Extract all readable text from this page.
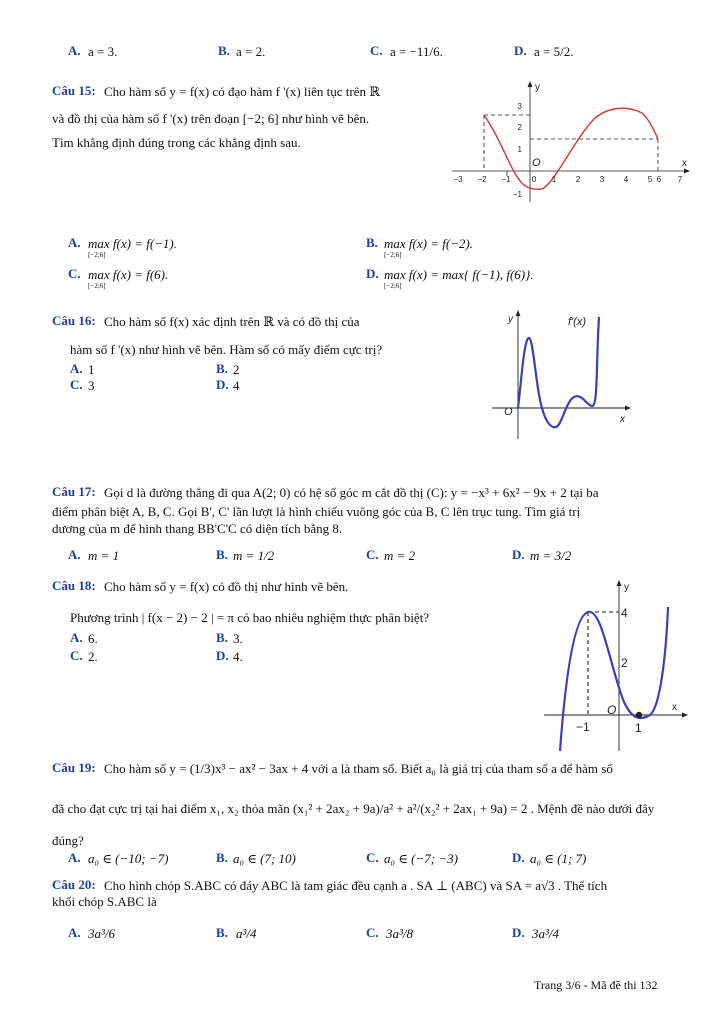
A. a = 3.	B. a = 2.	C. a = −11/6.	D. a = 5/2.
Câu 15: Cho hàm số y = f(x) có đạo hàm f '(x) liên tục trên ℝ
và đồ thị của hàm số f '(x) trên đoạn [−2; 6] như hình vẽ bên.
Tìm khẳng định đúng trong các khẳng định sau.
−3 −2 −1	0 1 2 3 4 5 6 7
3
2
1
−1
x
y
O
A. max f(x) = f(−1).
[−2;6]
B. max f(x) = f(−2).
[−2;6]
C. max f(x) = f(6).
[−2;6]
D. max f(x) = max{ f(−1), f(6)}.
[−2;6]
Câu 16: Cho hàm số f(x) xác định trên ℝ và có đồ thị của
hàm số f '(x) như hình vẽ bên. Hàm số có mấy điểm cực trị?
A. 1	B. 2
C. 3	D. 4
f'(x)
x
y
O
Câu 17: Gọi d là đường thẳng đi qua A(2; 0) có hệ số góc m cắt đồ thị (C): y = −x³ + 6x² − 9x + 2 tại ba
điểm phân biệt A, B, C. Gọi B', C' lần lượt là hình chiếu vuông góc của B, C lên trục tung. Tìm giá trị
dương của m để hình thang BB'C'C có diện tích bằng 8.
A. m = 1	B. m = 1/2	C. m = 2	D. m = 3/2
Câu 18: Cho hàm số y = f(x) có đồ thị như hình vẽ bên.
Phương trình | f(x − 2) − 2 | = π có bao nhiêu nghiệm thực phân biệt?
A. 6.	B. 3.
C. 2.	D. 4.
4
2
−1	1
x
y
O
Câu 19: Cho hàm số y = (1/3)x³ − ax² − 3ax + 4 với a là tham số. Biết a₀ là giá trị của tham số a để hàm số
đã cho đạt cực trị tại hai điểm x₁, x₂ thỏa mãn (x₁² + 2ax₂ + 9a)/a² + a²/(x₂² + 2ax₁ + 9a) = 2 . Mệnh đề nào dưới đây
đúng?
A. a₀ ∈ (−10; −7)	B. a₀ ∈ (7; 10)	C. a₀ ∈ (−7; −3)	D. a₀ ∈ (1; 7)
Câu 20: Cho hình chóp S.ABC có đáy ABC là tam giác đều cạnh a . SA ⊥ (ABC) và SA = a√3 . Thể tích
khối chóp S.ABC là
A. 3a³/6	B. a³/4	C. 3a³/8	D. 3a³/4
Trang 3/6 - Mã đề thi 132
